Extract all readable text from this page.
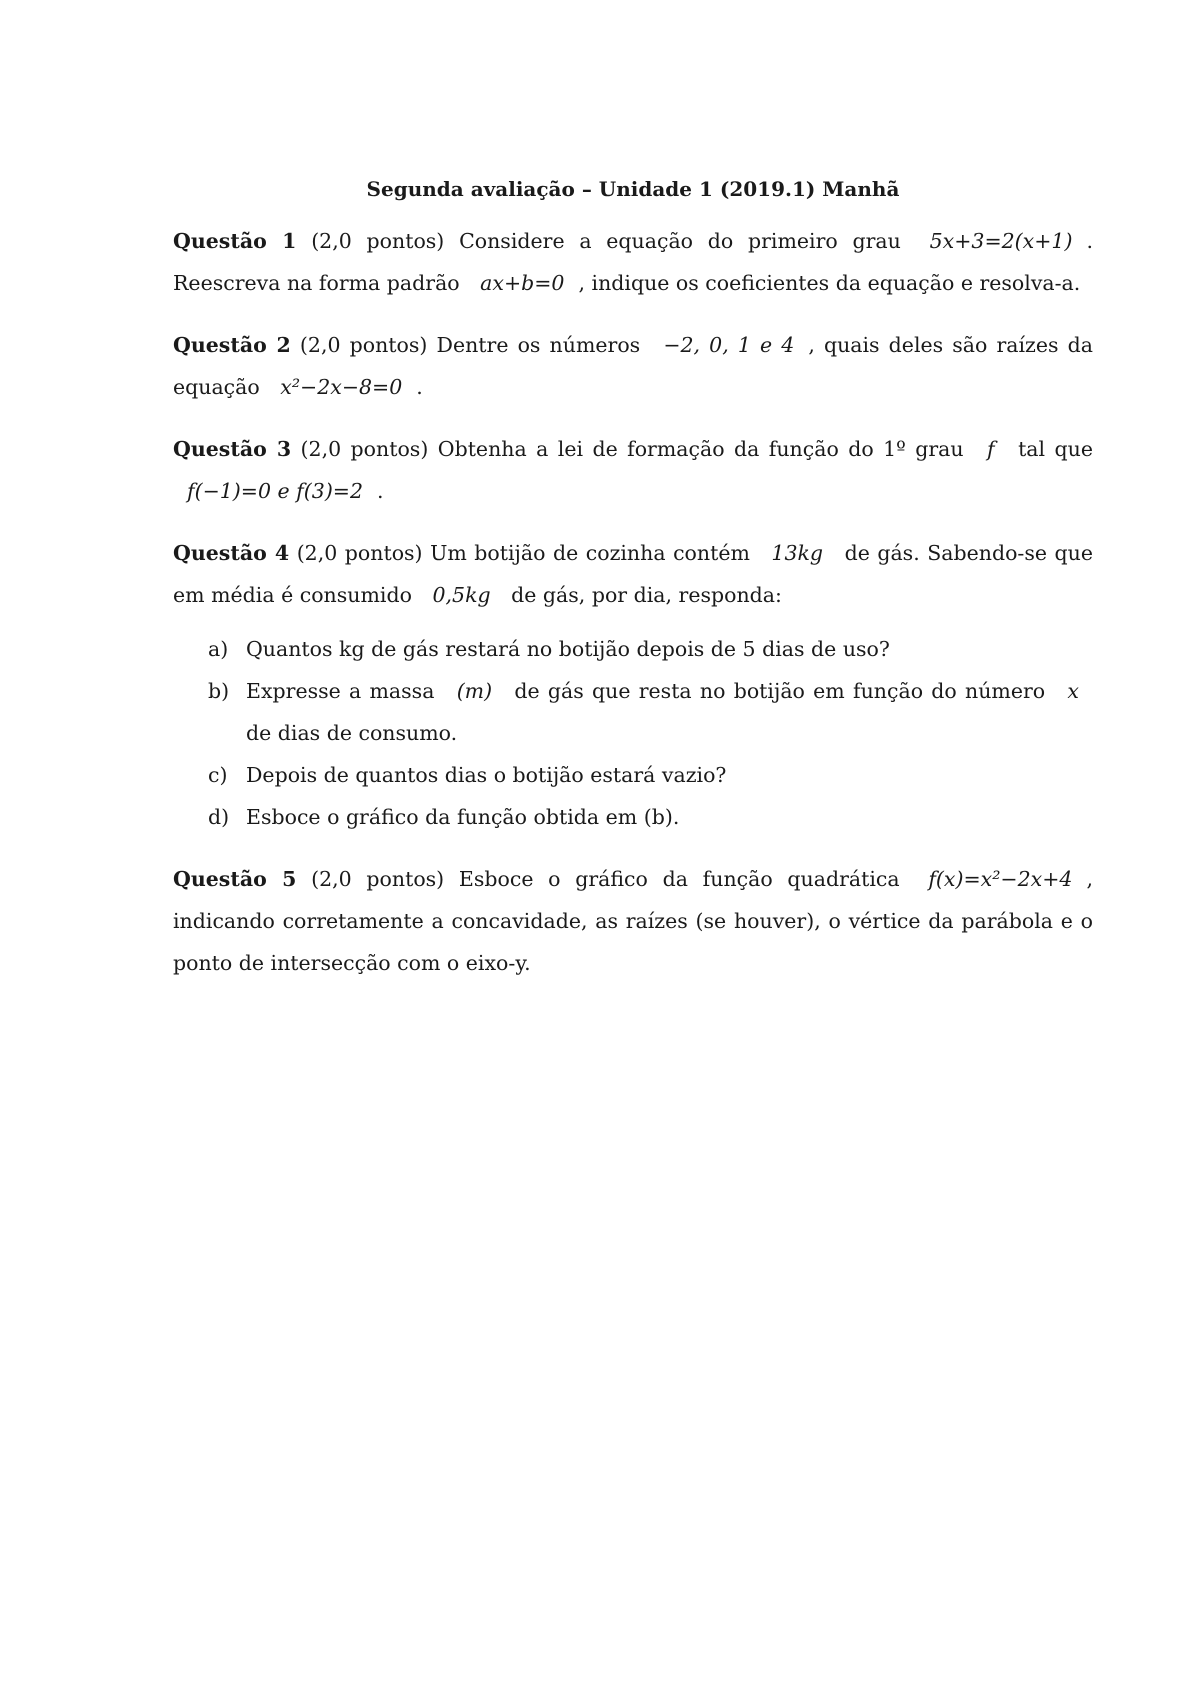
Segunda avaliação – Unidade 1 (2019.1) Manhã

Questão 1 (2,0 pontos) Considere a equação do primeiro grau 5x+3=2(x+1) . Reescreva na forma padrão ax+b=0 , indique os coeficientes da equação e resolva-a.

Questão 2 (2,0 pontos) Dentre os números −2, 0, 1 e 4 , quais deles são raízes da equação x²−2x−8=0 .

Questão 3 (2,0 pontos) Obtenha a lei de formação da função do 1º grau f tal que f(−1)=0 e f(3)=2 .

Questão 4 (2,0 pontos) Um botijão de cozinha contém 13kg de gás. Sabendo-se que em média é consumido 0,5kg de gás, por dia, responda:

a) Quantos kg de gás restará no botijão depois de 5 dias de uso?
b) Expresse a massa (m) de gás que resta no botijão em função do número x de dias de consumo.
c) Depois de quantos dias o botijão estará vazio?
d) Esboce o gráfico da função obtida em (b).

Questão 5 (2,0 pontos) Esboce o gráfico da função quadrática f(x)=x²−2x+4 , indicando corretamente a concavidade, as raízes (se houver), o vértice da parábola e o ponto de intersecção com o eixo-y.
